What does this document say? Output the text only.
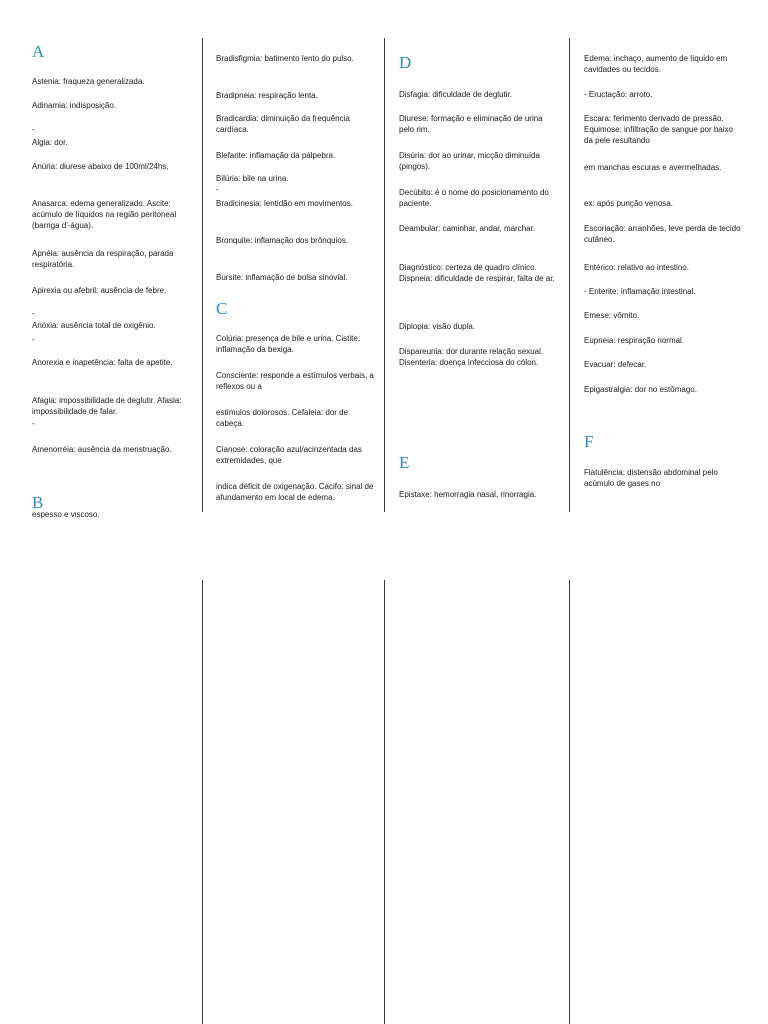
A
Astenia: fraqueza generalizada.
Adinamia: indisposição.
-
Algia: dor.
Anúria: diurese abaixo de 100ml/24hs.
Anasarca: edema generalizado. Ascite: acúmulo de líquidos na região peritoneal (barriga d'-água).
Apnéia: ausência da respiração, parada respiratória.
Apirexia ou afebril: ausência de febre.
-
Anóxia: ausência total de oxigênio.
-
Anorexia e inapetência: falta de apetite.
Afagia: impossibilidade de deglutir. Afasia: impossibilidade de falar.
-
Amenorréia: ausência da menstruação.
B
Bradisfigmia: batimento lento do pulso.
Bradipneia: respiração lenta.
Bradicardia: diminuição da frequência cardíaca.
Blefarite: inflamação da pálpebra.
Bilúria: bile na urina.
-
Bradicinesia: lentidão em movimentos.
Bronquite: inflamação dos brônquios.
Bursite: inflamação de bolsa sinovial.
C
Colúria: presença de bile e urina. Cistite: inflamação da bexiga.
Consciente: responde a estímulos verbais, a reflexos ou a
estímulos dolorosos. Cefaleia: dor de cabeça.
Cianose: coloração azul/acinzentada das extremidades, que
indica déficit de oxigenação. Cacifo: sinal de afundamento em local de edema.
D
Disfagia: dificuldade de deglutir.
Diurese: formação e eliminação de urina pelo rim.
Disúria: dor ao urinar, micção diminuída (pingos).
Decúbito: é o nome do posicionamento do paciente.
Deambular: caminhar, andar, marchar.
Diagnóstico: certeza de quadro clínico. Dispneia: dificuldade de respirar, falta de ar.
Diplopia: visão dupla.
Dispareunia: dor durante relação sexual. Disenteria: doença infecciosa do cólon.
E
Epistaxe: hemorragia nasal, rinorragia.
Edema: inchaço, aumento de líquido em cavidades ou tecidos.
- Eructação: arroto.
Escara: ferimento derivado de pressão. Equimose: infiltração de sangue por baixo da pele resultando
em manchas escuras e avermelhadas.
ex: após punção venosa.
Escoriação: arranhões, leve perda de tecido cutâneo.
Entérico: relativo ao intestino.
- Enterite: inflamação intestinal.
Emese: vômito.
Eupneia: respiração normal.
Evacuar: defecar.
Epigastralgia: dor no estômago.
F
Flatulência: distensão abdominal pelo acúmulo de gases no
espesso e viscoso.
